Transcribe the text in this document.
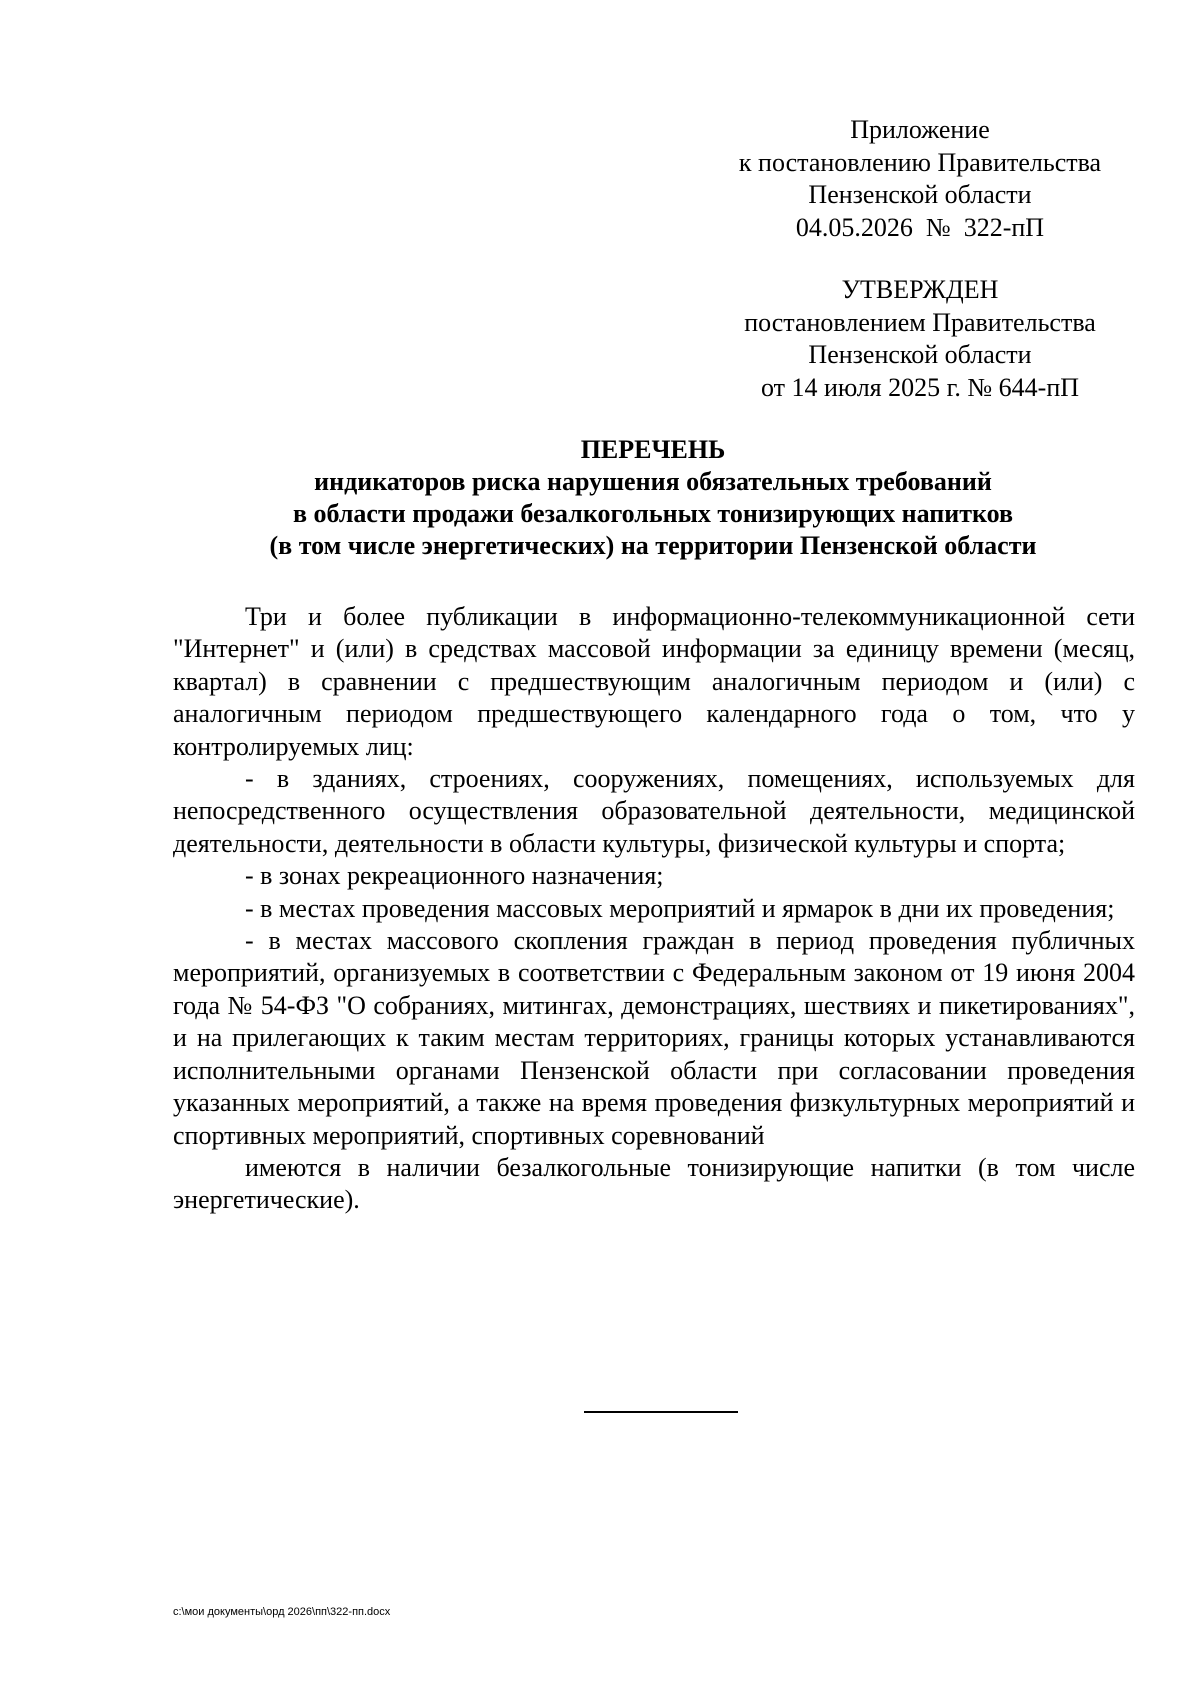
Приложение
к постановлению Правительства
Пензенской области
04.05.2026  №  322-пП
УТВЕРЖДЕН
постановлением Правительства
Пензенской области
от 14 июля 2025 г. № 644-пП
ПЕРЕЧЕНЬ
индикаторов риска нарушения обязательных требований
в области продажи безалкогольных тонизирующих напитков
(в том числе энергетических) на территории Пензенской области

Три и более публикации в информационно-телекоммуникационной сети "Интернет" и (или) в средствах массовой информации за единицу времени (месяц, квартал) в сравнении с предшествующим аналогичным периодом и (или) с аналогичным периодом предшествующего календарного года о том, что у контролируемых лиц:

- в зданиях, строениях, сооружениях, помещениях, используемых для непосредственного осуществления образовательной деятельности, медицинской деятельности, деятельности в области культуры, физической культуры и спорта;

- в зонах рекреационного назначения;

- в местах проведения массовых мероприятий и ярмарок в дни их проведения;

- в местах массового скопления граждан в период проведения публичных мероприятий, организуемых в соответствии с Федеральным законом от 19 июня 2004 года № 54-ФЗ "О собраниях, митингах, демонстрациях, шествиях и пикетированиях", и на прилегающих к таким местам территориях, границы которых устанавливаются исполнительными органами Пензенской области при согласовании проведения указанных мероприятий, а также на время проведения физкультурных мероприятий и спортивных мероприятий, спортивных соревнований

имеются в наличии безалкогольные тонизирующие напитки (в том числе энергетические).

c:\мои документы\орд 2026\пп\322-пп.docx
